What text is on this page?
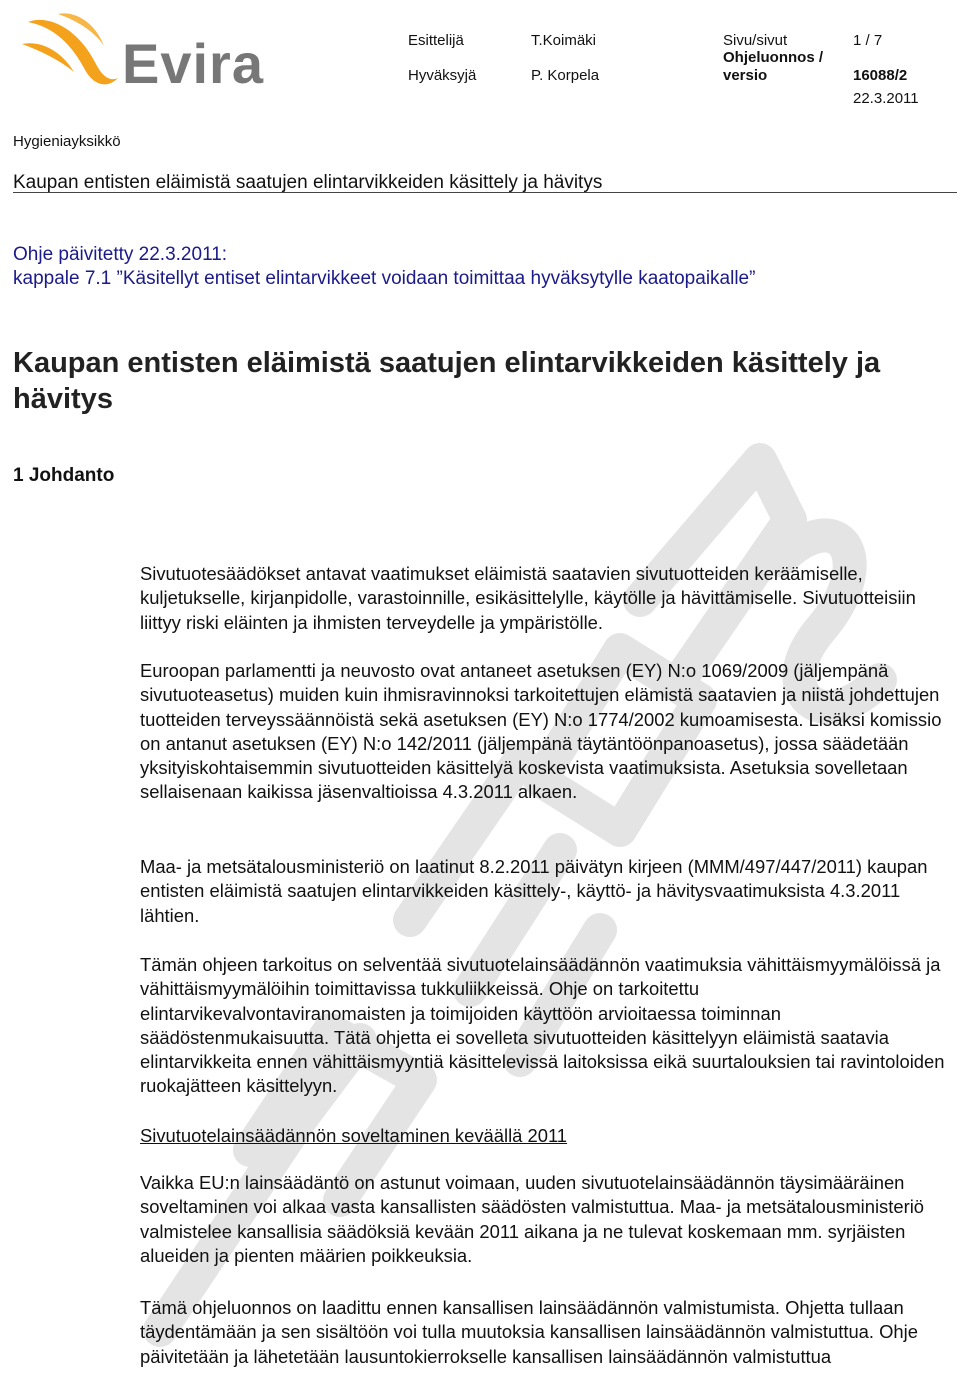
Evira	Esittelijä	T.Koimäki	Sivu/sivut	1 / 7
Ohjeluonnos /
Hyväksyjä	P. Korpela	versio	16088/2
22.3.2011
Hygieniayksikkö
Kaupan entisten eläimistä saatujen elintarvikkeiden käsittely ja hävitys
Ohje päivitetty 22.3.2011:
kappale 7.1 ”Käsitellyt entiset elintarvikkeet voidaan toimittaa hyväksytylle kaatopaikalle”
Kaupan entisten eläimistä saatujen elintarvikkeiden käsittely ja hävitys
1 Johdanto

Sivutuotesäädökset antavat vaatimukset eläimistä saatavien sivutuotteiden keräämiselle, kuljetukselle, kirjanpidolle, varastoinnille, esikäsittelylle, käytölle ja hävittämiselle. Sivutuotteisiin liittyy riski eläinten ja ihmisten terveydelle ja ympäristölle.

Euroopan parlamentti ja neuvosto ovat antaneet asetuksen (EY) N:o 1069/2009 (jäljempänä sivutuoteasetus) muiden kuin ihmisravinnoksi tarkoitettujen elämistä saatavien ja niistä johdettujen tuotteiden terveyssäännöistä sekä asetuksen (EY) N:o 1774/2002 kumoamisesta. Lisäksi komissio on antanut asetuksen (EY) N:o 142/2011 (jäljempänä täytäntöönpanoasetus), jossa säädetään yksityiskohtaisemmin sivutuotteiden käsittelyä koskevista vaatimuksista. Asetuksia sovelletaan sellaisenaan kaikissa jäsenvaltioissa 4.3.2011 alkaen.

Maa- ja metsätalousministeriö on laatinut 8.2.2011 päivätyn kirjeen (MMM/497/447/2011) kaupan entisten eläimistä saatujen elintarvikkeiden käsittely-, käyttö- ja hävitysvaatimuksista 4.3.2011 lähtien.

Tämän ohjeen tarkoitus on selventää sivutuotelainsäädännön vaatimuksia vähittäismyymälöissä ja vähittäismyymälöihin toimittavissa tukkuliikkeissä. Ohje on tarkoitettu elintarvikevalvontaviranomaisten ja toimijoiden käyttöön arvioitaessa toiminnan säädöstenmukaisuutta. Tätä ohjetta ei sovelleta sivutuotteiden käsittelyyn eläimistä saatavia elintarvikkeita ennen vähittäismyyntiä käsittelevissä laitoksissa eikä suurtalouksien tai ravintoloiden ruokajätteen käsittelyyn.

Sivutuotelainsäädännön soveltaminen keväällä 2011

Vaikka EU:n lainsäädäntö on astunut voimaan, uuden sivutuotelainsäädännön täysimääräinen soveltaminen voi alkaa vasta kansallisten säädösten valmistuttua. Maa- ja metsätalousministeriö valmistelee kansallisia säädöksiä kevään 2011 aikana ja ne tulevat koskemaan mm. syrjäisten alueiden ja pienten määrien poikkeuksia.

Tämä ohjeluonnos on laadittu ennen kansallisen lainsäädännön valmistumista. Ohjetta tullaan täydentämään ja sen sisältöön voi tulla muutoksia kansallisen lainsäädännön valmistuttua. Ohje päivitetään ja lähetetään lausuntokierrokselle kansallisen lainsäädännön valmistuttua
